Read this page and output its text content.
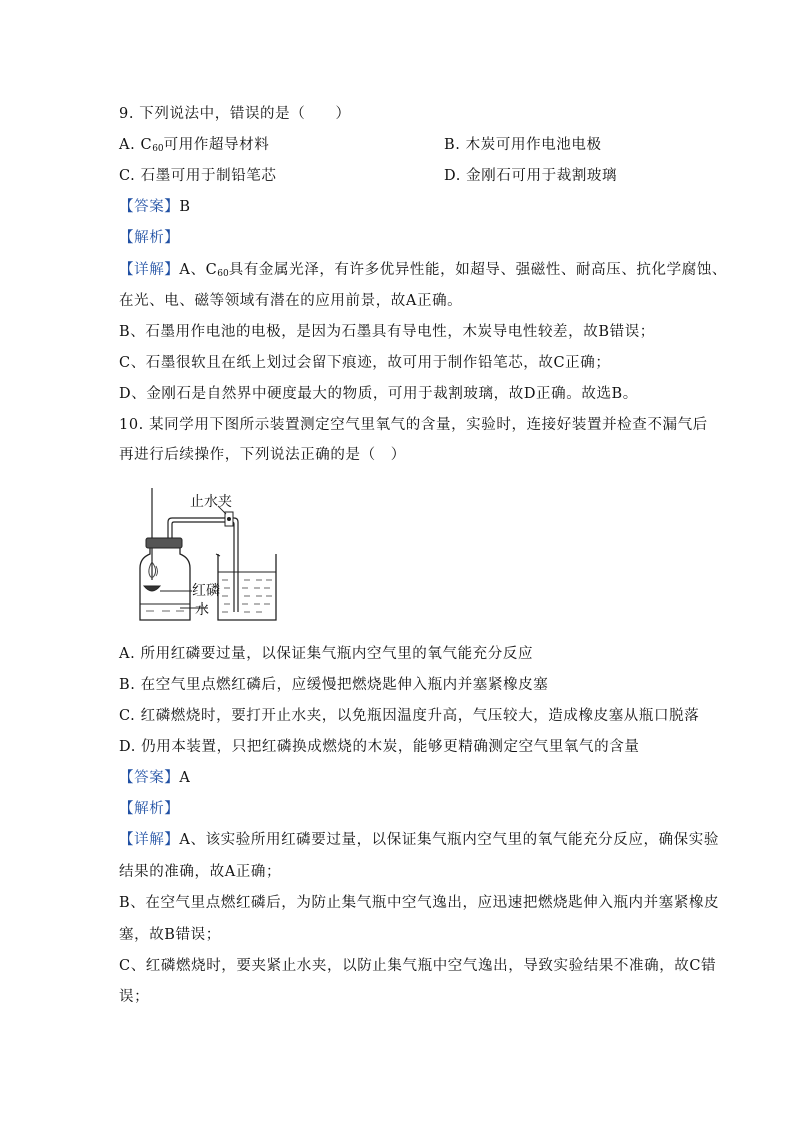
9. 下列说法中，错误的是（　　）
A. $C_{60}$可用作超导材料	B. 木炭可用作电池电极
C. 石墨可用于制铅笔芯	D. 金刚石可用于裁割玻璃
【答案】B
【解析】
【详解】A、$C_{60}$具有金属光泽，有许多优异性能，如超导、强磁性、耐高压、抗化学腐蚀、
在光、电、磁等领域有潜在的应用前景，故A正确。
B、石墨用作电池的电极，是因为石墨具有导电性，木炭导电性较差，故B错误；
C、石墨很软且在纸上划过会留下痕迹，故可用于制作铅笔芯，故C正确；
D、金刚石是自然界中硬度最大的物质，可用于裁割玻璃，故D正确。故选B。
10. 某同学用下图所示装置测定空气里氧气的含量，实验时，连接好装置并检查不漏气后
再进行后续操作，下列说法正确的是（　）
止水夹
红磷
水
A. 所用红磷要过量，以保证集气瓶内空气里的氧气能充分反应
B. 在空气里点燃红磷后，应缓慢把燃烧匙伸入瓶内并塞紧橡皮塞
C. 红磷燃烧时，要打开止水夹，以免瓶因温度升高，气压较大，造成橡皮塞从瓶口脱落
D. 仍用本装置，只把红磷换成燃烧的木炭，能够更精确测定空气里氧气的含量
【答案】A
【解析】
【详解】A、该实验所用红磷要过量，以保证集气瓶内空气里的氧气能充分反应，确保实验
结果的准确，故A正确；
B、在空气里点燃红磷后，为防止集气瓶中空气逸出，应迅速把燃烧匙伸入瓶内并塞紧橡皮
塞，故B错误；
C、红磷燃烧时，要夹紧止水夹，以防止集气瓶中空气逸出，导致实验结果不准确，故C错
误；
